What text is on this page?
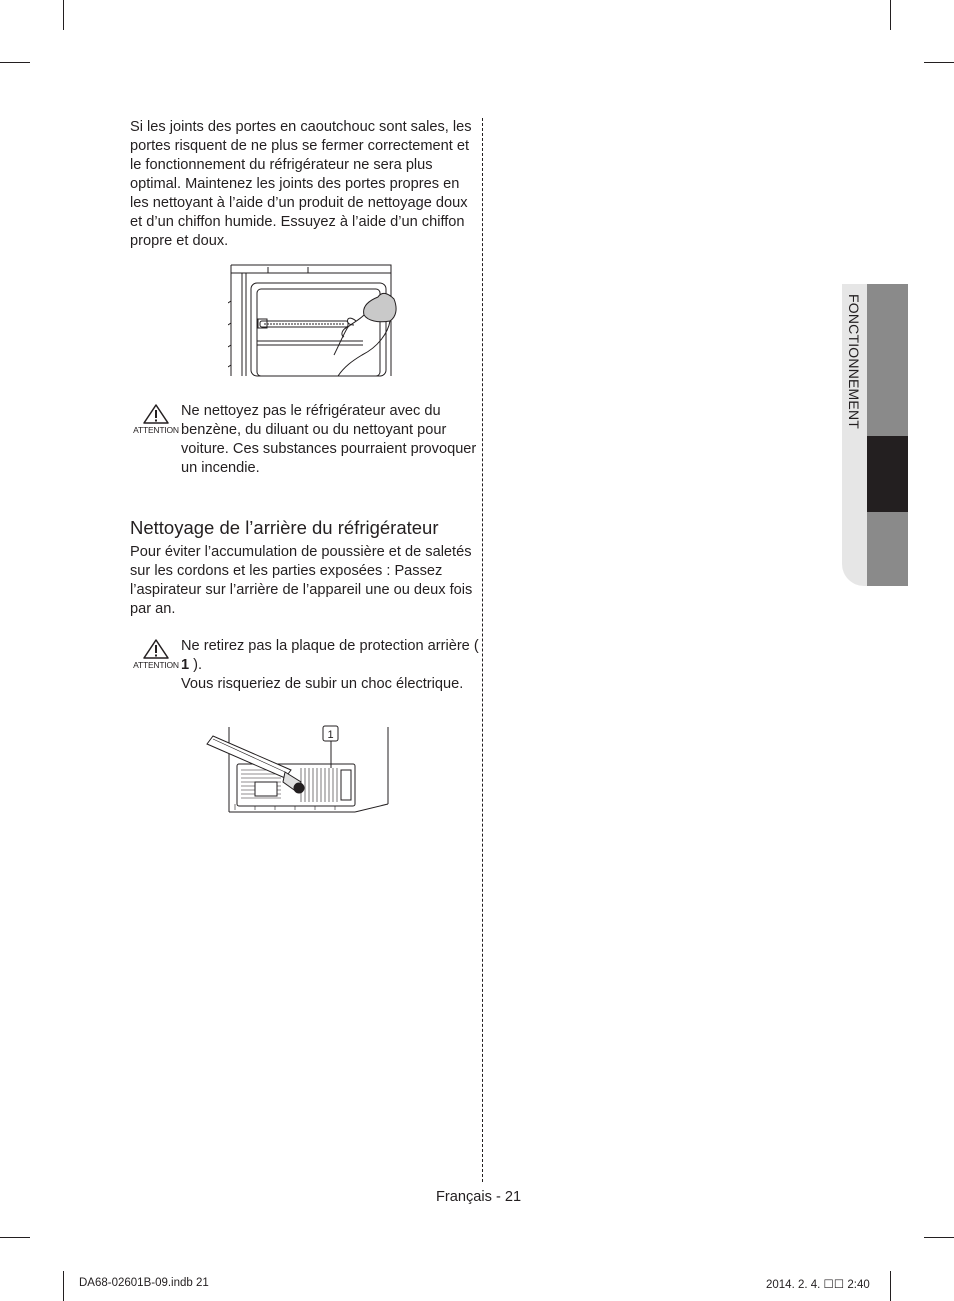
Si les joints des portes en caoutchouc sont sales, les portes risquent de ne plus se fermer correctement et le fonctionnement du réfrigérateur ne sera plus optimal. Maintenez les joints des portes propres en les nettoyant à l’aide d’un produit de nettoyage doux et d’un chiffon humide. Essuyez à l’aide d’un chiffon propre et doux.

ATTENTION

Ne nettoyez pas le réfrigérateur avec du benzène, du diluant ou du nettoyant pour voiture. Ces substances pourraient provoquer un incendie.

Nettoyage de l’arrière du réfrigérateur

Pour éviter l’accumulation de poussière et de saletés sur les cordons et les parties exposées : Passez l’aspirateur sur l’arrière de l’appareil une ou deux fois par an.

ATTENTION

Ne retirez pas la plaque de protection arrière ( 1 ).
Vous risqueriez de subir un choc électrique.

1
FONCTIONNEMENT
Français - 21
DA68-02601B-09.indb 21	2014. 2. 4. ☐☐ 2:40
